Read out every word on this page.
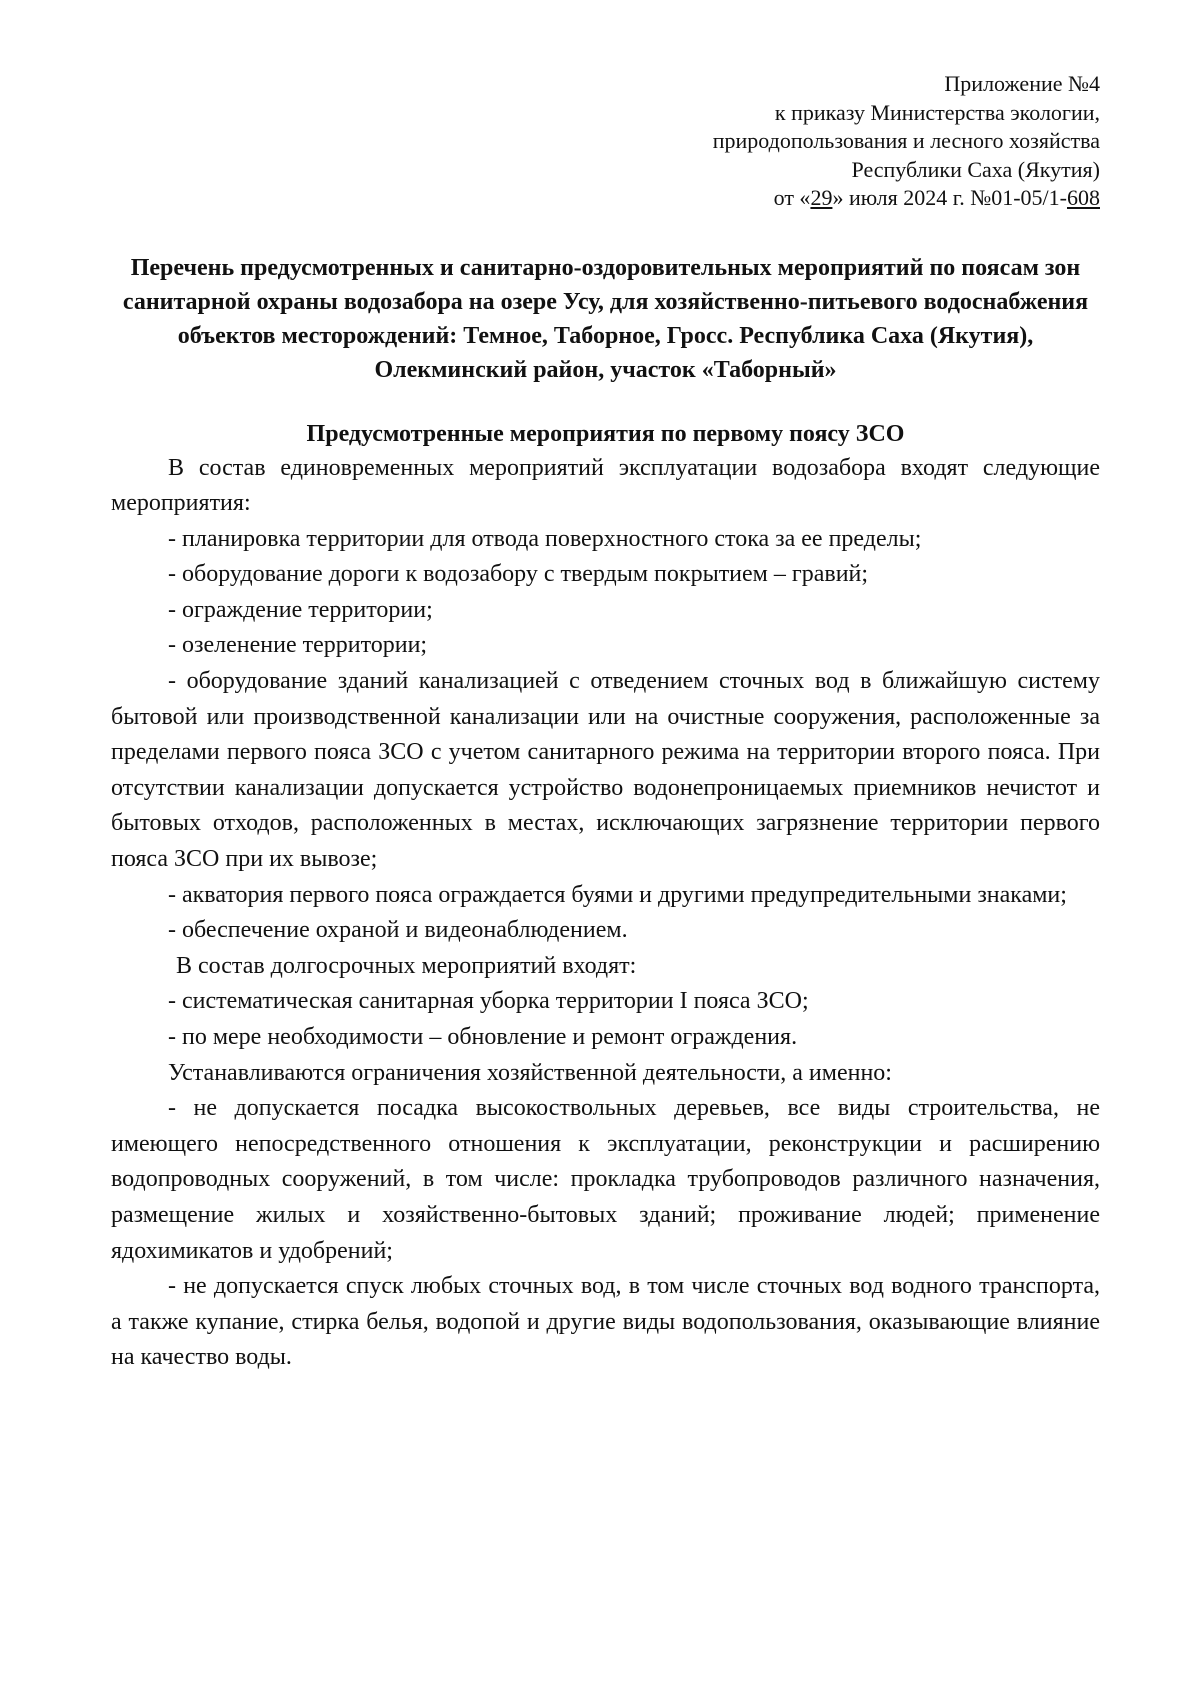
Приложение №4
к приказу Министерства экологии,
природопользования и лесного хозяйства
Республики Саха (Якутия)
от «29» июля 2024 г. №01-05/1-608
Перечень предусмотренных и санитарно-оздоровительных мероприятий по поясам зон санитарной охраны водозабора на озере Усу, для хозяйственно-питьевого водоснабжения объектов месторождений: Темное, Таборное, Гросс. Республика Саха (Якутия), Олекминский район, участок «Таборный»
Предусмотренные мероприятия по первому поясу ЗСО

В состав единовременных мероприятий эксплуатации водозабора входят следующие мероприятия:

- планировка территории для отвода поверхностного стока за ее пределы;

- оборудование дороги к водозабору с твердым покрытием – гравий;

- ограждение территории;

- озеленение территории;

- оборудование зданий канализацией с отведением сточных вод в ближайшую систему бытовой или производственной канализации или на очистные сооружения, расположенные за пределами первого пояса ЗСО с учетом санитарного режима на территории второго пояса. При отсутствии канализации допускается устройство водонепроницаемых приемников нечистот и бытовых отходов, расположенных в местах, исключающих загрязнение территории первого пояса ЗСО при их вывозе;

- акватория первого пояса ограждается буями и другими предупредительными знаками;

- обеспечение охраной и видеонаблюдением.

В состав долгосрочных мероприятий входят:

- систематическая санитарная уборка территории I пояса ЗСО;

- по мере необходимости – обновление и ремонт ограждения.

Устанавливаются ограничения хозяйственной деятельности, а именно:

- не допускается посадка высокоствольных деревьев, все виды строительства, не имеющего непосредственного отношения к эксплуатации, реконструкции и расширению водопроводных сооружений, в том числе: прокладка трубопроводов различного назначения, размещение жилых и хозяйственно-бытовых зданий; проживание людей; применение ядохимикатов и удобрений;

- не допускается спуск любых сточных вод, в том числе сточных вод водного транспорта, а также купание, стирка белья, водопой и другие виды водопользования, оказывающие влияние на качество воды.
